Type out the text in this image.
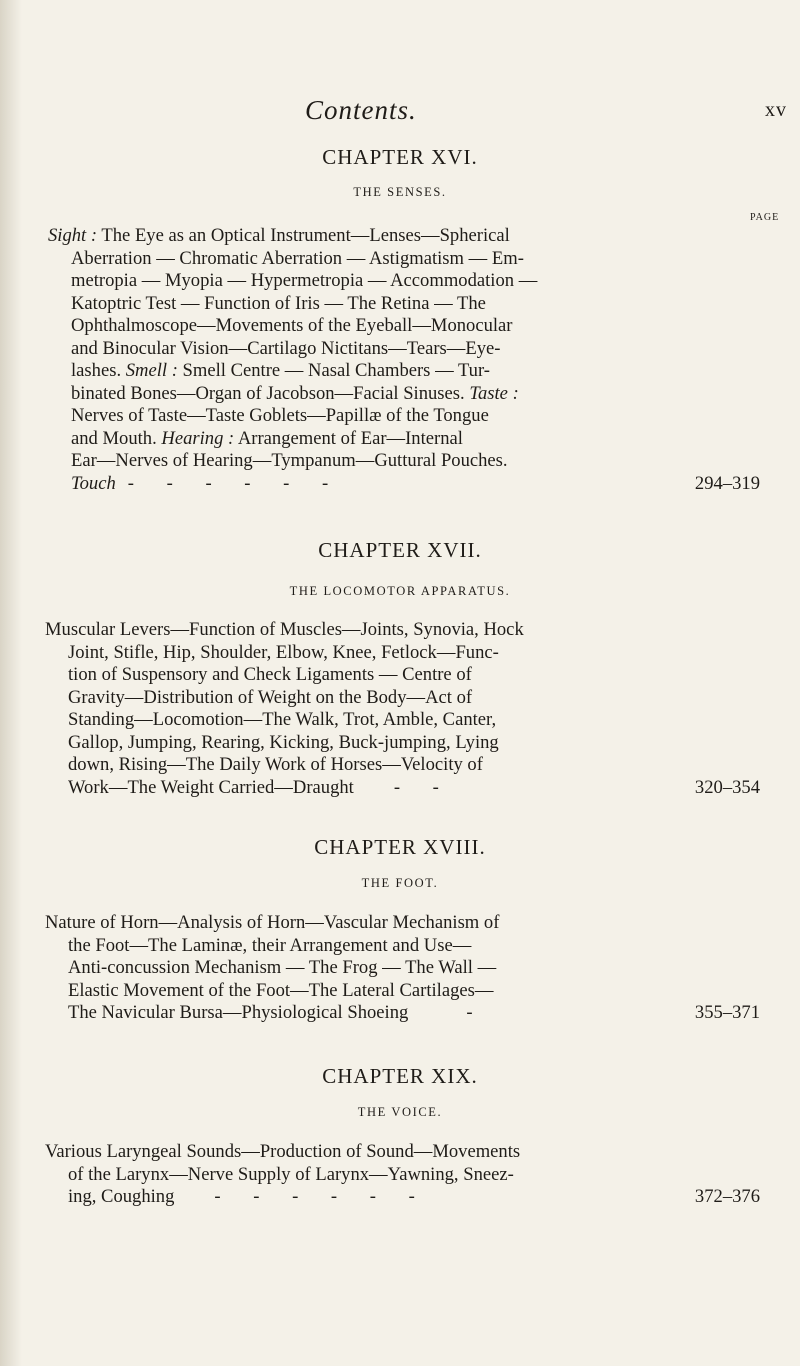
Contents.	xv
CHAPTER XVI.
THE SENSES.
PAGE
Sight : The Eye as an Optical Instrument—Lenses—Spherical
Aberration — Chromatic Aberration — Astigmatism — Em-
metropia — Myopia — Hypermetropia — Accommodation —
Katoptric Test — Function of Iris — The Retina — The
Ophthalmoscope—Movements of the Eyeball—Monocular
and Binocular Vision—Cartilago Nictitans—Tears—Eye-
lashes. Smell : Smell Centre — Nasal Chambers — Tur-
binated Bones—Organ of Jacobson—Facial Sinuses. Taste :
Nerves of Taste—Taste Goblets—Papillæ of the Tongue
and Mouth. Hearing : Arrangement of Ear—Internal
Ear—Nerves of Hearing—Tympanum—Guttural Pouches.
Touch - - - - - -	294–319
CHAPTER XVII.
THE LOCOMOTOR APPARATUS.
Muscular Levers—Function of Muscles—Joints, Synovia, Hock
Joint, Stifle, Hip, Shoulder, Elbow, Knee, Fetlock—Func-
tion of Suspensory and Check Ligaments — Centre of
Gravity—Distribution of Weight on the Body—Act of
Standing—Locomotion—The Walk, Trot, Amble, Canter,
Gallop, Jumping, Rearing, Kicking, Buck-jumping, Lying
down, Rising—The Daily Work of Horses—Velocity of
Work—The Weight Carried—Draught - -	320–354
CHAPTER XVIII.
THE FOOT.
Nature of Horn—Analysis of Horn—Vascular Mechanism of
the Foot—The Laminæ, their Arrangement and Use—
Anti-concussion Mechanism — The Frog — The Wall —
Elastic Movement of the Foot—The Lateral Cartilages—
The Navicular Bursa—Physiological Shoeing	-	355–371
CHAPTER XIX.
THE VOICE.
Various Laryngeal Sounds—Production of Sound—Movements
of the Larynx—Nerve Supply of Larynx—Yawning, Sneez-
ing, Coughing - - - - - -	372–376
